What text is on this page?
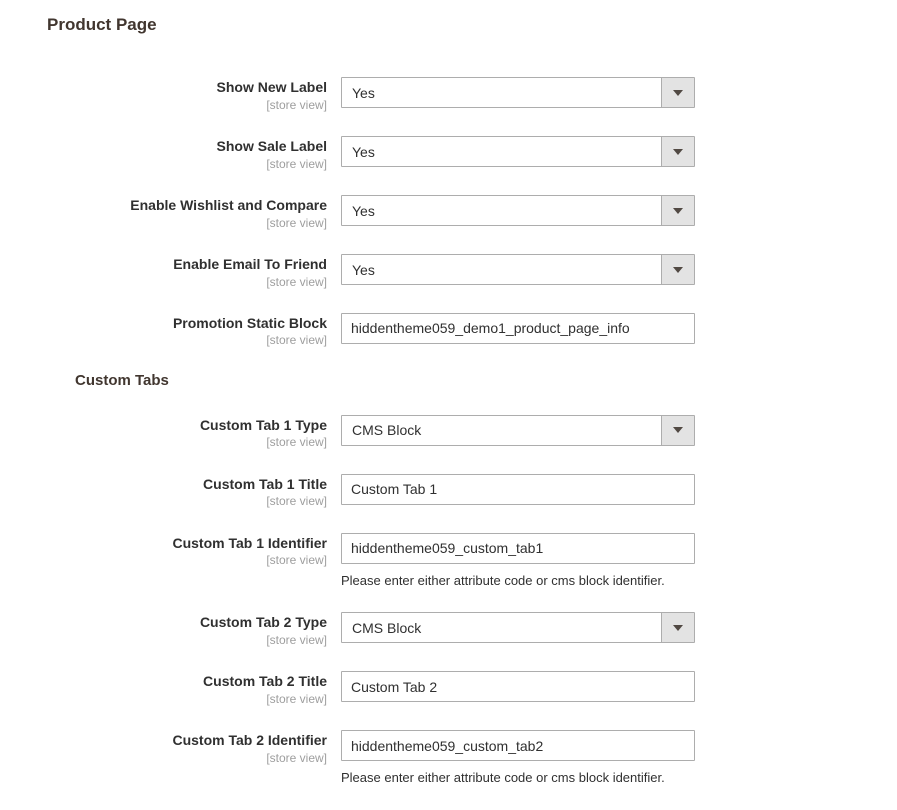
Product Page
Show New Label
[store view]
Yes
Show Sale Label
[store view]
Yes
Enable Wishlist and Compare
[store view]
Yes
Enable Email To Friend
[store view]
Yes
Promotion Static Block
[store view]
hiddentheme059_demo1_product_page_info
Custom Tabs
Custom Tab 1 Type
[store view]
CMS Block
Custom Tab 1 Title
[store view]
Custom Tab 1
Custom Tab 1 Identifier
[store view]
hiddentheme059_custom_tab1
Please enter either attribute code or cms block identifier.
Custom Tab 2 Type
[store view]
CMS Block
Custom Tab 2 Title
[store view]
Custom Tab 2
Custom Tab 2 Identifier
[store view]
hiddentheme059_custom_tab2
Please enter either attribute code or cms block identifier.
